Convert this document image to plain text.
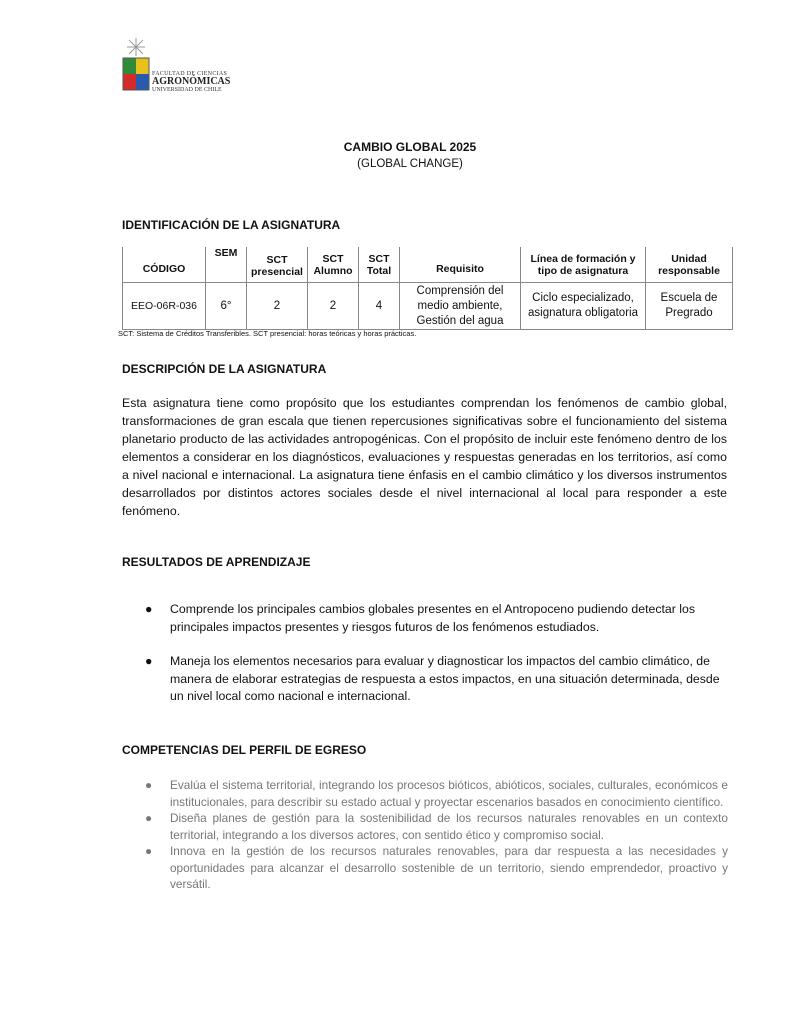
FACULTAD DE CIENCIAS
AGRONÓMICAS
UNIVERSIDAD DE CHILE
CAMBIO GLOBAL 2025
(GLOBAL CHANGE)
IDENTIFICACIÓN DE LA ASIGNATURA
CÓDIGO	SEM	SCT presencial	SCT Alumno	SCT Total	Requisito	Línea de formación y tipo de asignatura	Unidad responsable
EEO-06R-036	6°	2	2	4	Comprensión del medio ambiente, Gestión del agua	Ciclo especializado, asignatura obligatoria	Escuela de Pregrado
SCT: Sistema de Créditos Transferibles. SCT presencial: horas teóricas y horas prácticas.
DESCRIPCIÓN DE LA ASIGNATURA
Esta asignatura tiene como propósito que los estudiantes comprendan los fenómenos de cambio global, transformaciones de gran escala que tienen repercusiones significativas sobre el funcionamiento del sistema planetario producto de las actividades antropogénicas. Con el propósito de incluir este fenómeno dentro de los elementos a considerar en los diagnósticos, evaluaciones y respuestas generadas en los territorios, así como a nivel nacional e internacional. La asignatura tiene énfasis en el cambio climático y los diversos instrumentos desarrollados por distintos actores sociales desde el nivel internacional al local para responder a este fenómeno.
RESULTADOS DE APRENDIZAJE
● Comprende los principales cambios globales presentes en el Antropoceno pudiendo detectar los principales impactos presentes y riesgos futuros de los fenómenos estudiados.
● Maneja los elementos necesarios para evaluar y diagnosticar los impactos del cambio climático, de manera de elaborar estrategias de respuesta a estos impactos, en una situación determinada, desde un nivel local como nacional e internacional.
COMPETENCIAS DEL PERFIL DE EGRESO
● Evalúa el sistema territorial, integrando los procesos bióticos, abióticos, sociales, culturales, económicos e institucionales, para describir su estado actual y proyectar escenarios basados en conocimiento científico.
● Diseña planes de gestión para la sostenibilidad de los recursos naturales renovables en un contexto territorial, integrando a los diversos actores, con sentido ético y compromiso social.
● Innova en la gestión de los recursos naturales renovables, para dar respuesta a las necesidades y oportunidades para alcanzar el desarrollo sostenible de un territorio, siendo emprendedor, proactivo y versátil.
